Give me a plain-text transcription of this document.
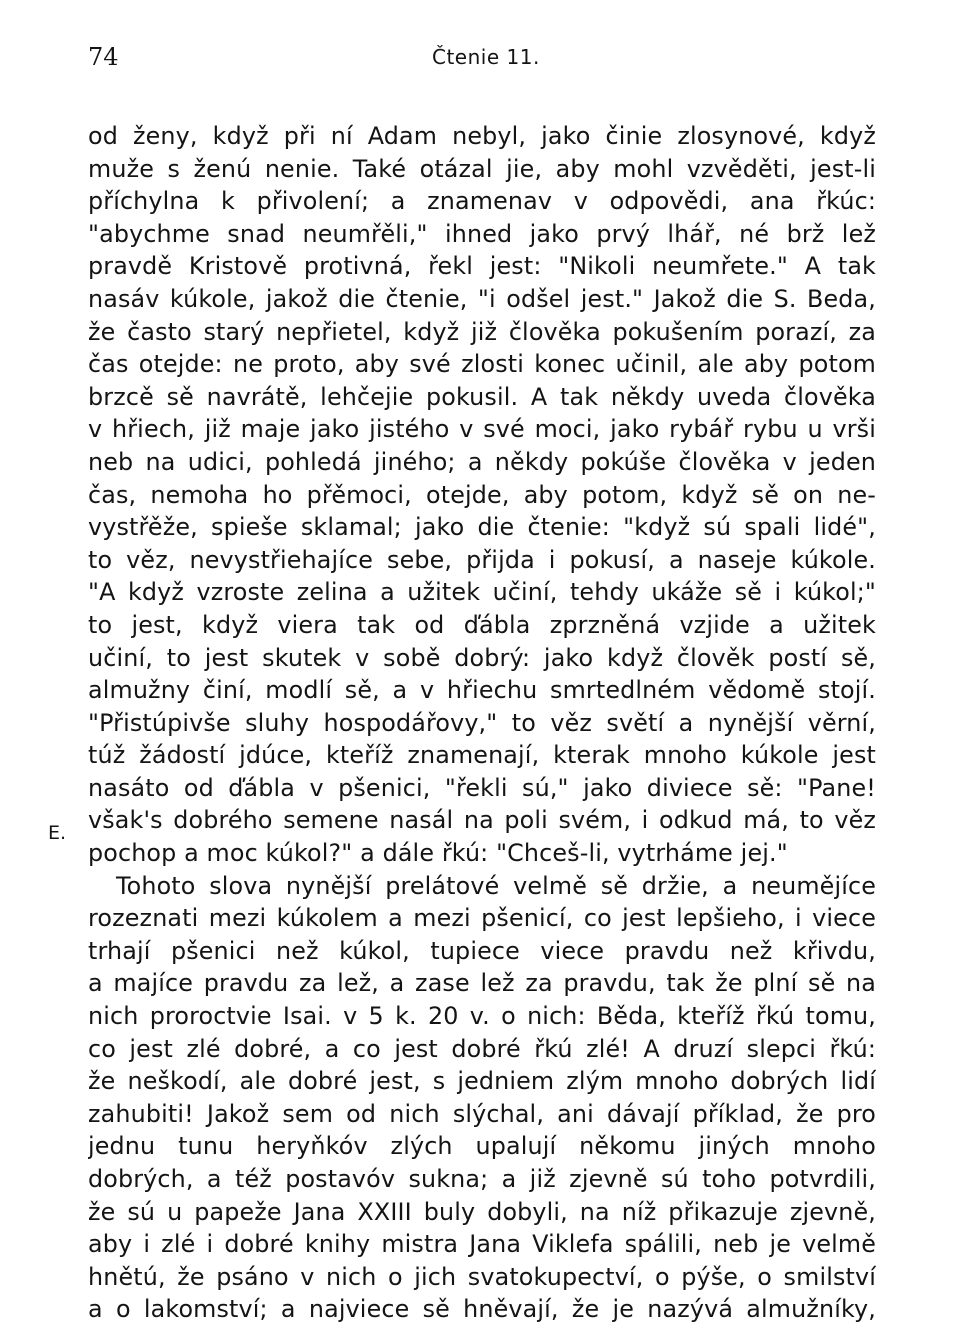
74	Čtenie 11.
E.
od ženy, když při ní Adam nebyl, jako činie zlosynové, když
muže s ženú nenie. Také otázal jie, aby mohl vzvěděti, jest-li
příchylna k přivolení; a znamenav v odpovědi, ana řkúc:
"abychme snad neumřěli," ihned jako prvý lhář, né brž lež
pravdě Kristově protivná, řekl jest: "Nikoli neumřete." A tak
nasáv kúkole, jakož die čtenie, "i odšel jest." Jakož die S. Beda,
že často starý nepřietel, když již člověka pokušením porazí, za
čas otejde: ne proto, aby své zlosti konec učinil, ale aby potom
brzcě sě navrátě, lehčejie pokusil. A tak někdy uveda člověka
v hřiech, již maje jako jistého v své moci, jako rybář rybu u vrši
neb na udici, pohledá jiného; a někdy pokúše člověka v jeden
čas, nemoha ho přěmoci, otejde, aby potom, když sě on ne-
vystřěže, spieše sklamal; jako die čtenie: "když sú spali lidé",
to věz, nevystřiehajíce sebe, přijda i pokusí, a naseje kúkole.
"A když vzroste zelina a užitek učiní, tehdy ukáže sě i kúkol;"
to jest, když viera tak od ďábla zprzněná vzjide a užitek
učiní, to jest skutek v sobě dobrý: jako když člověk postí sě,
almužny činí, modlí sě, a v hřiechu smrtedlném vědomě stojí.
"Přistúpivše sluhy hospodářovy," to věz světí a nynější věrní,
túž žádostí jdúce, kteříž znamenají, kterak mnoho kúkole jest
nasáto od ďábla v pšenici, "řekli sú," jako diviece sě: "Pane!
však's dobrého semene nasál na poli svém, i odkud má, to věz
pochop a moc kúkol?" a dále řkú: "Chceš-li, vytrháme jej."
Tohoto slova nynější prelátové velmě sě držie, a neumějíce
rozeznati mezi kúkolem a mezi pšenicí, co jest lepšieho, i viece
trhají pšenici než kúkol, tupiece viece pravdu než křivdu,
a majíce pravdu za lež, a zase lež za pravdu, tak že plní sě na
nich proroctvie Isai. v 5 k. 20 v. o nich: Běda, kteříž řkú tomu,
co jest zlé dobré, a co jest dobré řkú zlé! A druzí slepci řkú:
že neškodí, ale dobré jest, s jedniem zlým mnoho dobrých lidí
zahubiti! Jakož sem od nich slýchal, ani dávají příklad, že pro
jednu tunu heryňkóv zlých upalují někomu jiných mnoho
dobrých, a též postavóv sukna; a již zjevně sú toho potvrdili,
že sú u papeže Jana XXIII buly dobyli, na níž přikazuje zjevně,
aby i zlé i dobré knihy mistra Jana Viklefa spálili, neb je velmě
hnětú, že psáno v nich o jich svatokupectví, o pýše, o smilství
a o lakomství; a najviece sě hněvají, že je nazývá almužníky,
